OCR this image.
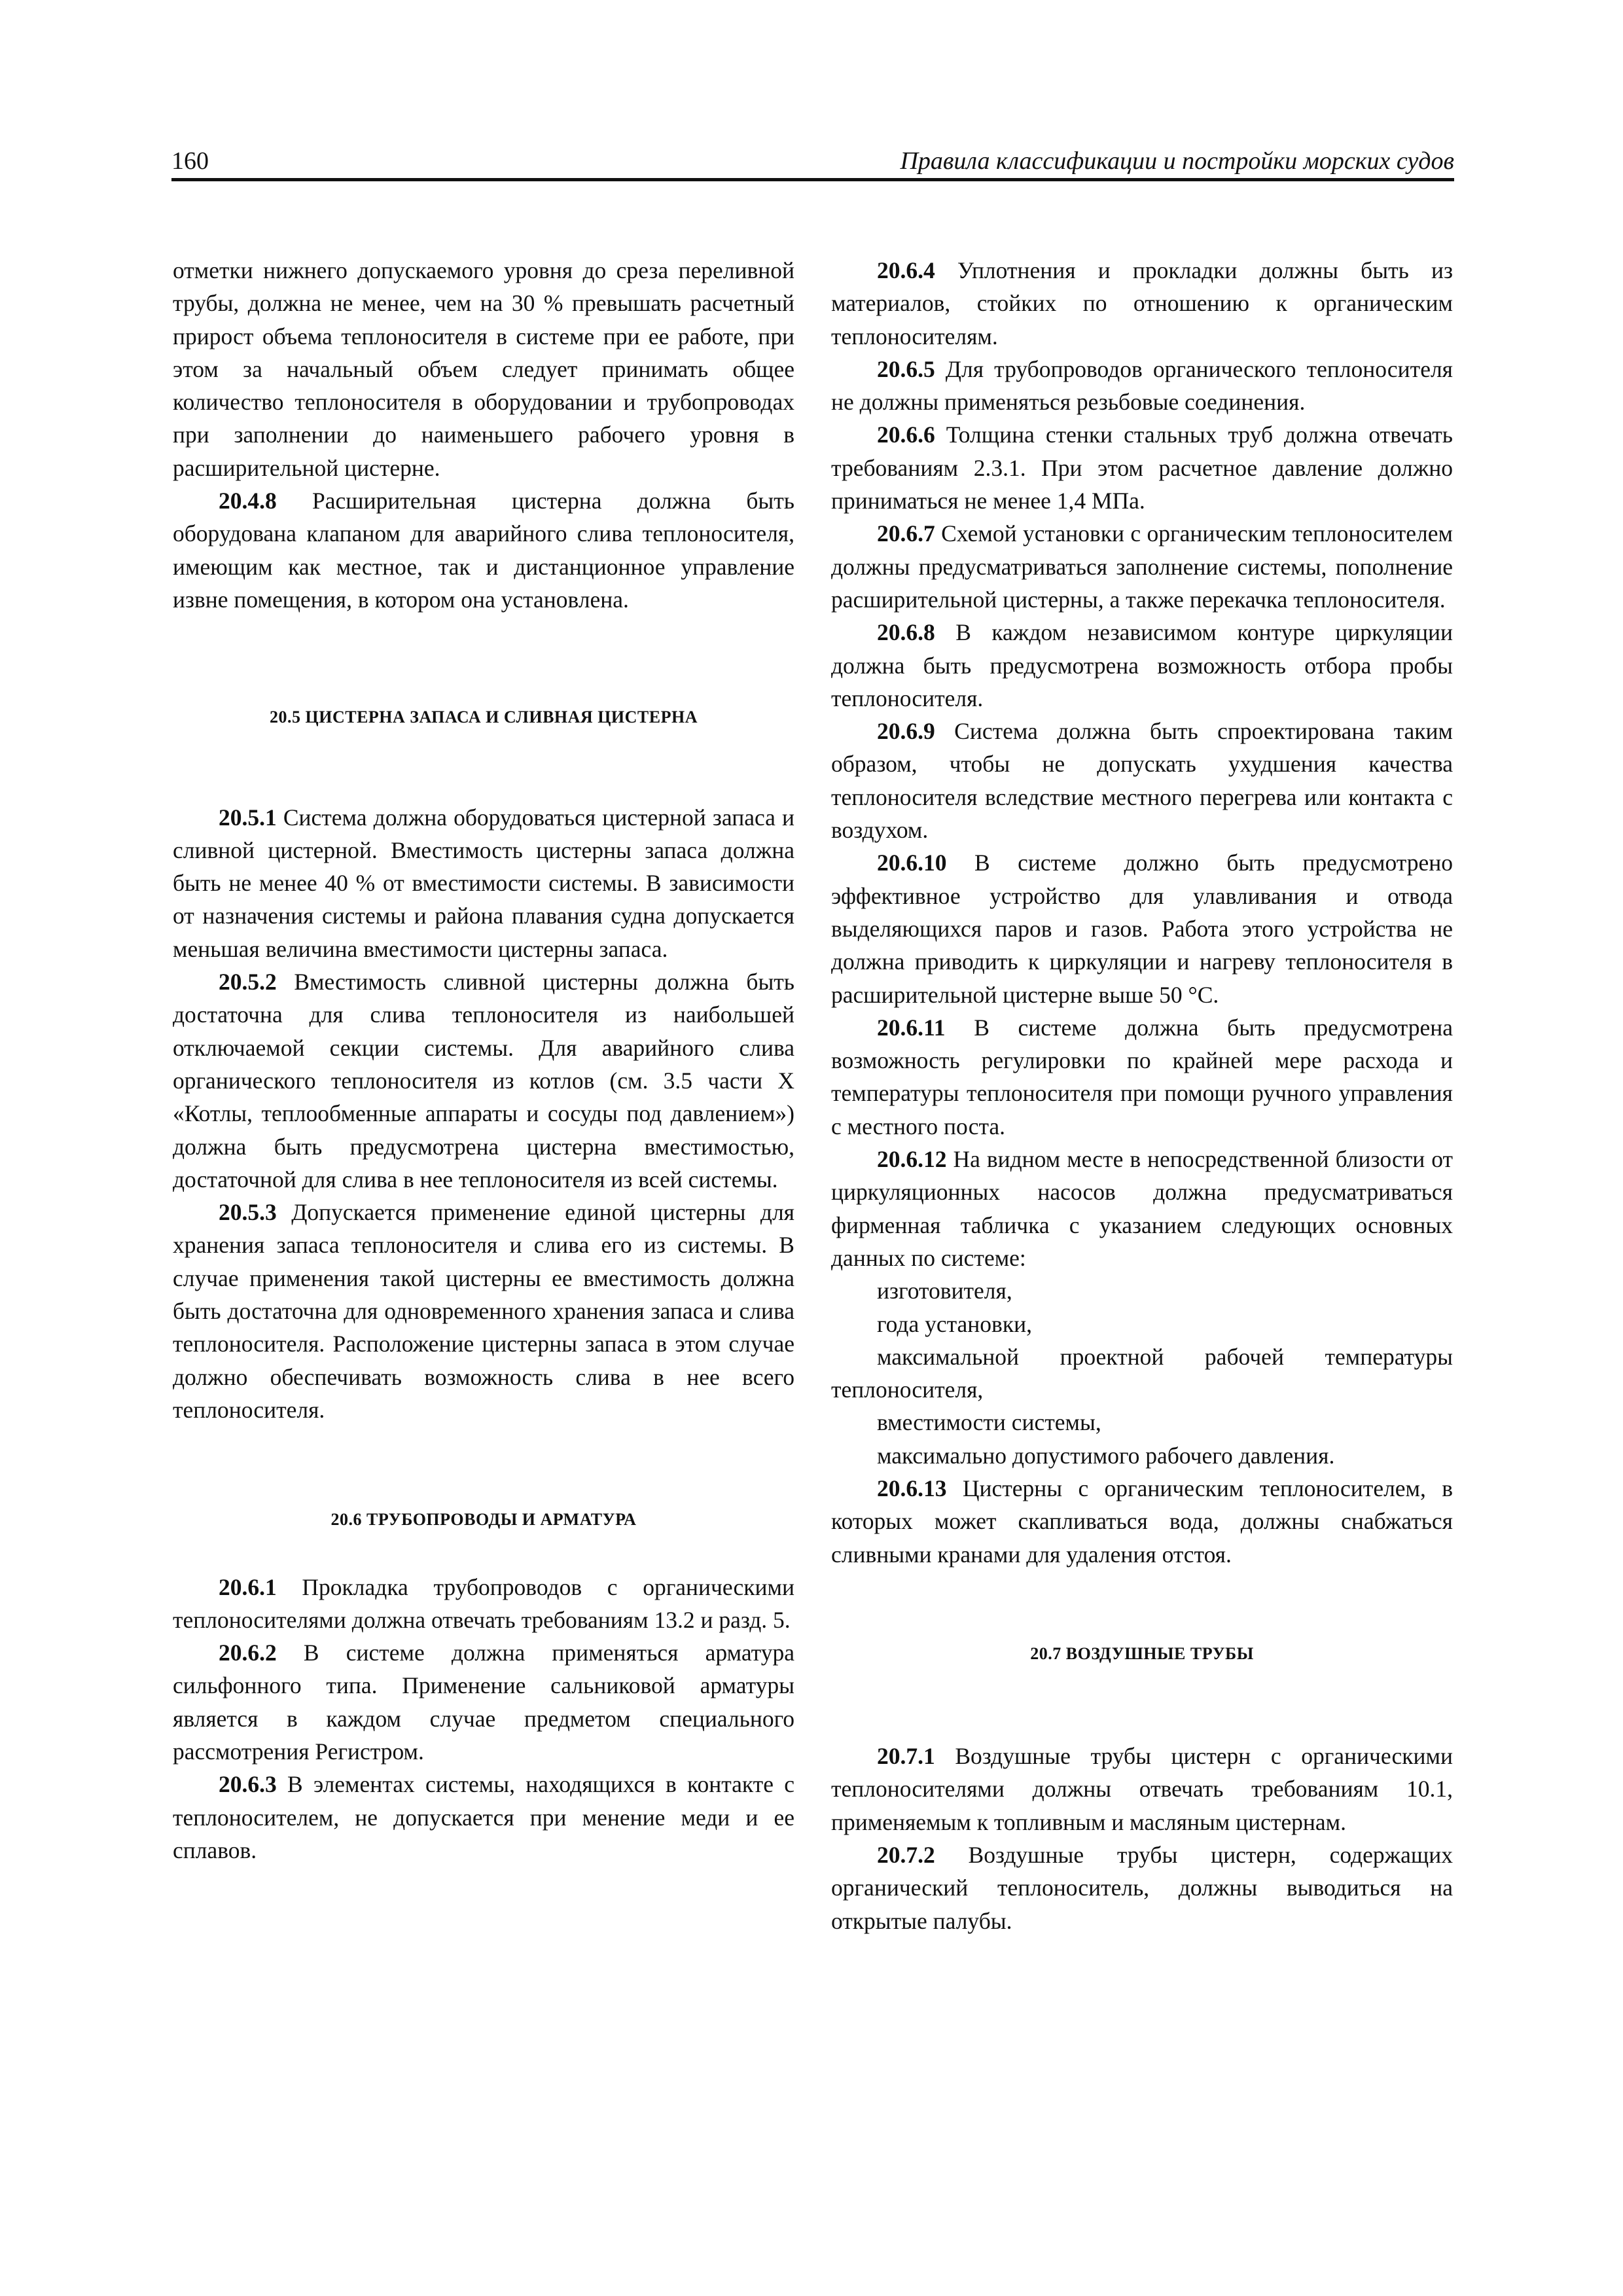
160	Правила классификации и постройки морских судов

отметки нижнего допускаемого уровня до среза переливной трубы, должна не менее, чем на 30 % превышать расчетный прирост объема теплоносителя в системе при ее работе, при этом за начальный объем следует принимать общее количество теплоносителя в оборудовании и трубопроводах при заполнении до наименьшего рабочего уровня в расширительной цистерне.

20.4.8 Расширительная цистерна должна быть оборудована клапаном для аварийного слива теплоносителя, имеющим как местное, так и дистанционное управление извне помещения, в котором она установлена.

20.5 ЦИСТЕРНА ЗАПАСА И СЛИВНАЯ ЦИСТЕРНА

20.5.1 Система должна оборудоваться цистерной запаса и сливной цистерной. Вместимость цистерны запаса должна быть не менее 40 % от вместимости системы. В зависимости от назначения системы и района плавания судна допускается меньшая величина вместимости цистерны запаса.

20.5.2 Вместимость сливной цистерны должна быть достаточна для слива теплоносителя из наибольшей отключаемой секции системы. Для аварийного слива органического теплоносителя из котлов (см. 3.5 части X «Котлы, теплообменные аппараты и сосуды под давлением») должна быть предусмотрена цистерна вместимостью, достаточной для слива в нее теплоносителя из всей системы.

20.5.3 Допускается применение единой цистерны для хранения запаса теплоносителя и слива его из системы. В случае применения такой цистерны ее вместимость должна быть достаточна для одновременного хранения запаса и слива теплоносителя. Расположение цистерны запаса в этом случае должно обеспечивать возможность слива в нее всего теплоносителя.

20.6 ТРУБОПРОВОДЫ И АРМАТУРА

20.6.1 Прокладка трубопроводов с органическими теплоносителями должна отвечать требованиям 13.2 и разд. 5.

20.6.2 В системе должна применяться арматура сильфонного типа. Применение сальниковой арматуры является в каждом случае предметом специального рассмотрения Регистром.

20.6.3 В элементах системы, находящихся в контакте с теплоносителем, не допускается при менение меди и ее сплавов.

20.6.4 Уплотнения и прокладки должны быть из материалов, стойких по отношению к органическим теплоносителям.

20.6.5 Для трубопроводов органического теплоносителя не должны применяться резьбовые соединения.

20.6.6 Толщина стенки стальных труб должна отвечать требованиям 2.3.1. При этом расчетное давление должно приниматься не менее 1,4 МПа.

20.6.7 Схемой установки с органическим теплоносителем должны предусматриваться заполнение системы, пополнение расширительной цистерны, а также перекачка теплоносителя.

20.6.8 В каждом независимом контуре циркуляции должна быть предусмотрена возможность отбора пробы теплоносителя.

20.6.9 Система должна быть спроектирована таким образом, чтобы не допускать ухудшения качества теплоносителя вследствие местного перегрева или контакта с воздухом.

20.6.10 В системе должно быть предусмотрено эффективное устройство для улавливания и отвода выделяющихся паров и газов. Работа этого устройства не должна приводить к циркуляции и нагреву теплоносителя в расширительной цистерне выше 50 °С.

20.6.11 В системе должна быть предусмотрена возможность регулировки по крайней мере расхода и температуры теплоносителя при помощи ручного управления с местного поста.

20.6.12 На видном месте в непосредственной близости от циркуляционных насосов должна предусматриваться фирменная табличка с указанием следующих основных данных по системе:

изготовителя,

года установки,

максимальной проектной рабочей температуры теплоносителя,

вместимости системы,

максимально допустимого рабочего давления.

20.6.13 Цистерны с органическим теплоносителем, в которых может скапливаться вода, должны снабжаться сливными кранами для удаления отстоя.

20.7 ВОЗДУШНЫЕ ТРУБЫ

20.7.1 Воздушные трубы цистерн с органическими теплоносителями должны отвечать требованиям 10.1, применяемым к топливным и масляным цистернам.

20.7.2 Воздушные трубы цистерн, содержащих органический теплоноситель, должны выводиться на открытые палубы.
